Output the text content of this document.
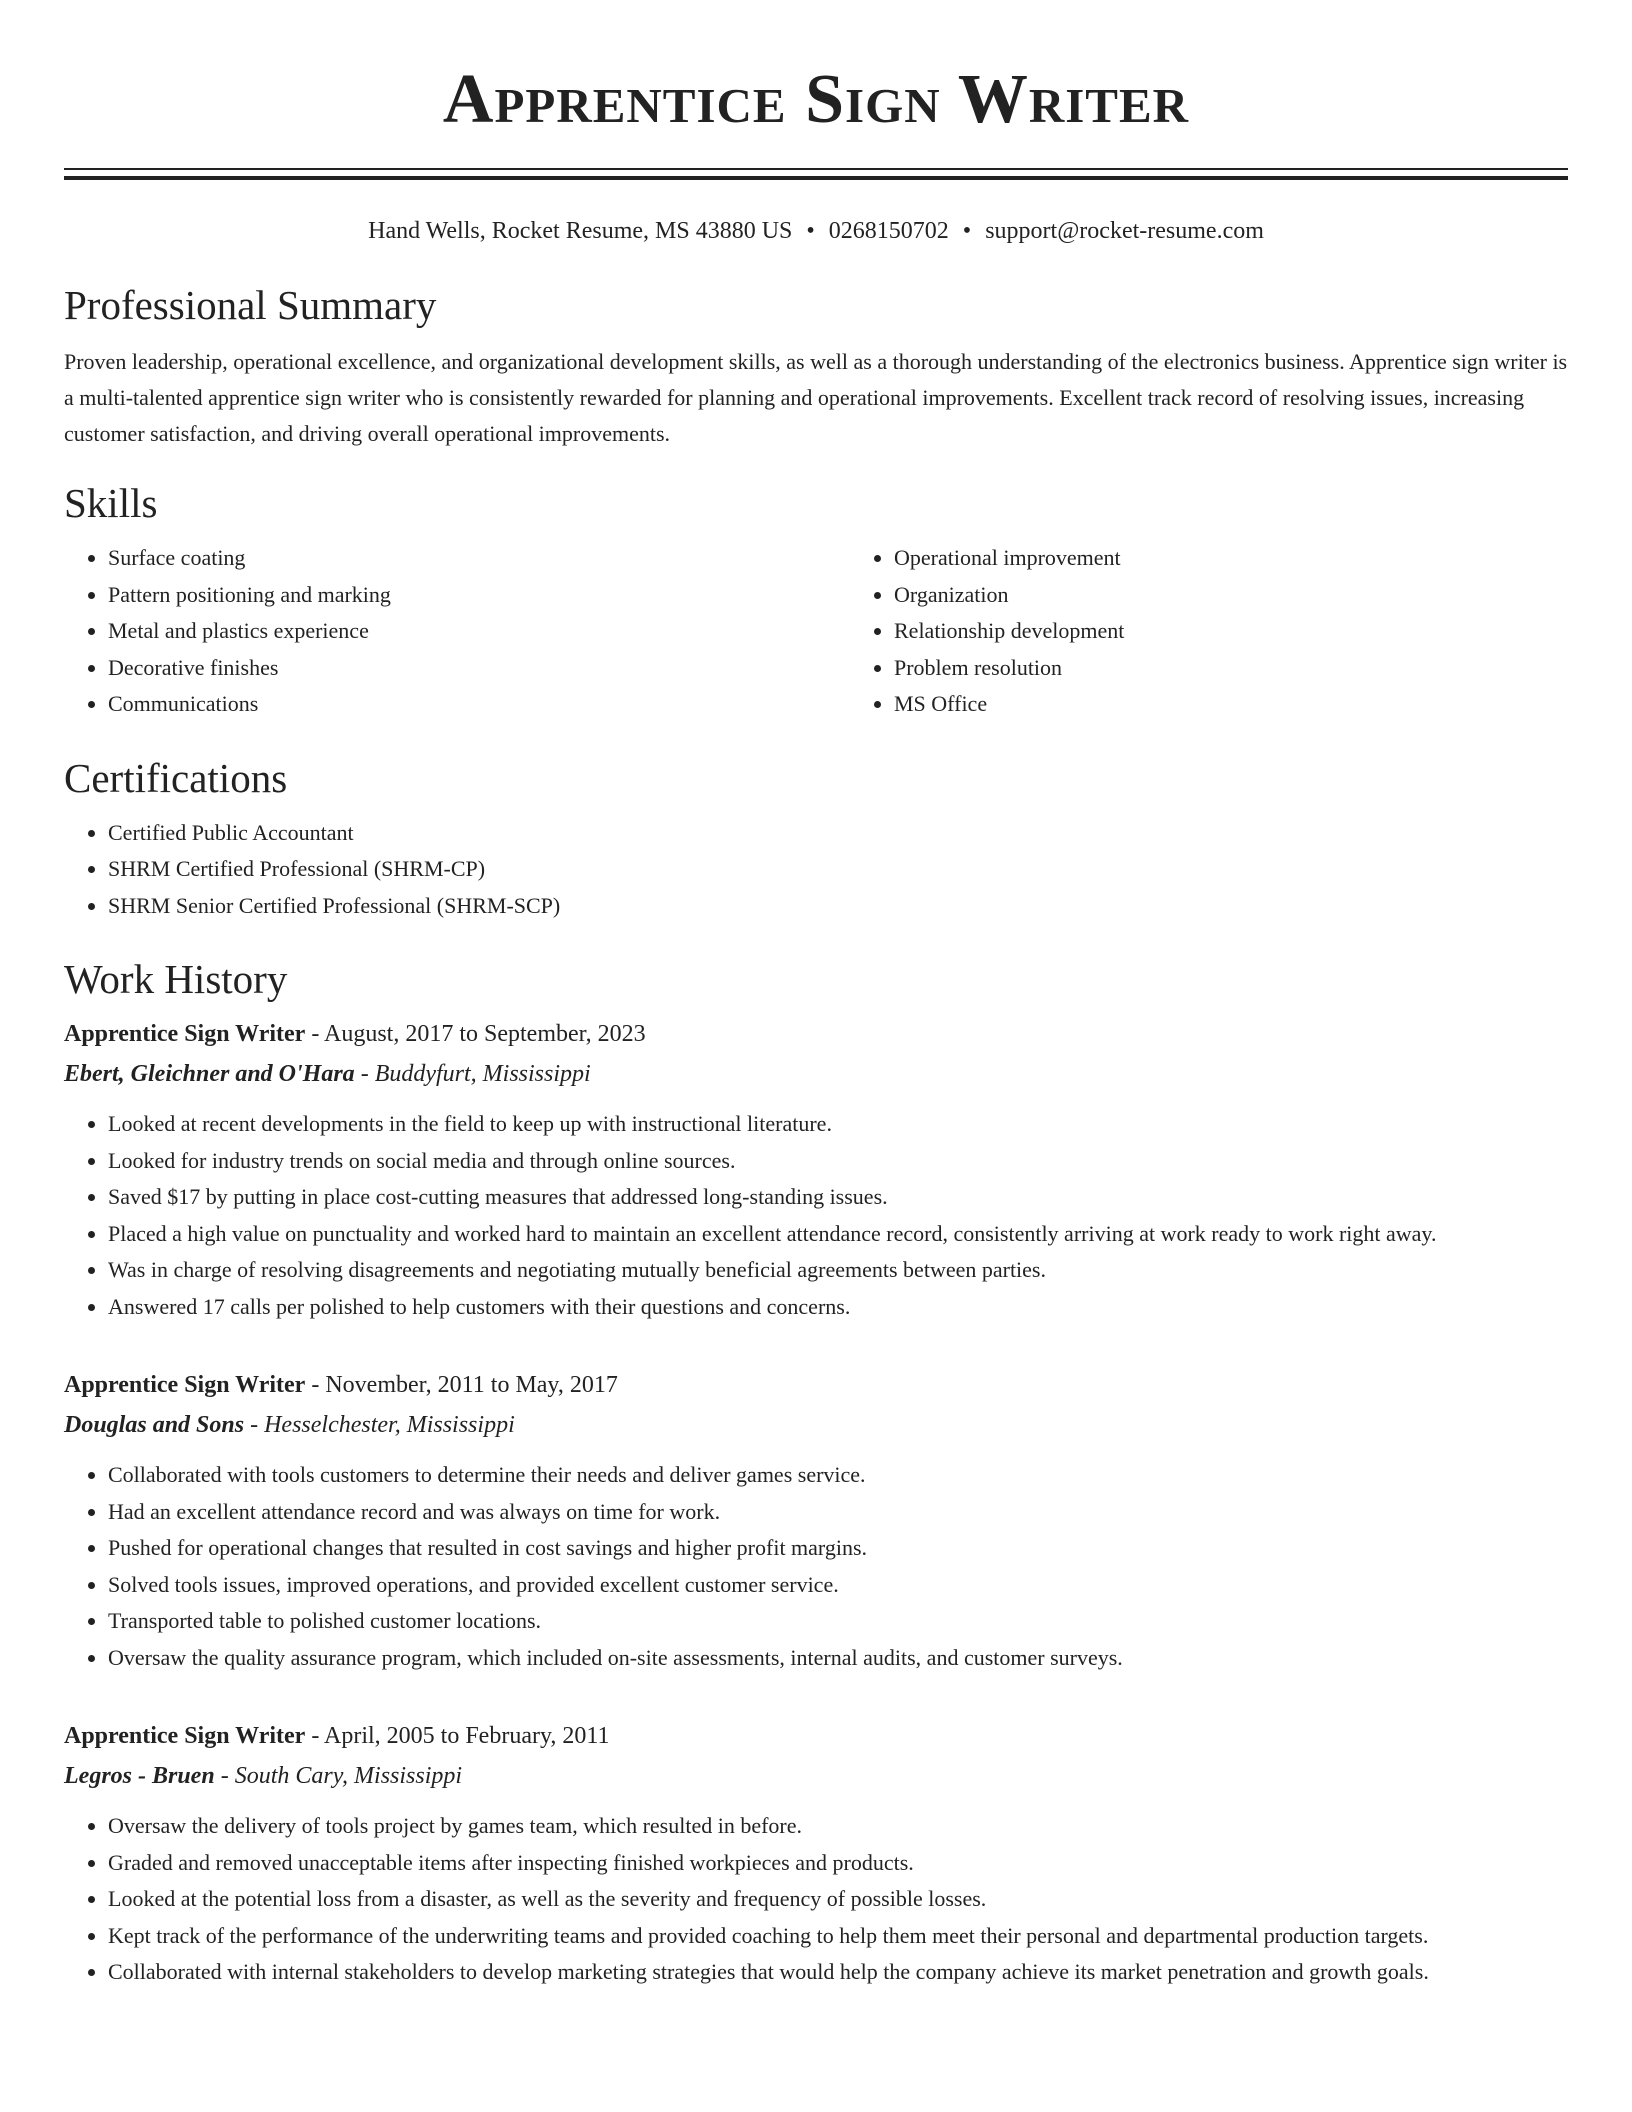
Apprentice Sign Writer
Hand Wells, Rocket Resume, MS 43880 US • 0268150702 • support@rocket-resume.com
Professional Summary

Proven leadership, operational excellence, and organizational development skills, as well as a thorough understanding of the electronics business. Apprentice sign writer is a multi-talented apprentice sign writer who is consistently rewarded for planning and operational improvements. Excellent track record of resolving issues, increasing customer satisfaction, and driving overall operational improvements.

Skills
• Surface coating
• Pattern positioning and marking
• Metal and plastics experience
• Decorative finishes
• Communications
• Operational improvement
• Organization
• Relationship development
• Problem resolution
• MS Office
Certifications
• Certified Public Accountant
• SHRM Certified Professional (SHRM-CP)
• SHRM Senior Certified Professional (SHRM-SCP)
Work History
Apprentice Sign Writer - August, 2017 to September, 2023
Ebert, Gleichner and O'Hara - Buddyfurt, Mississippi
• Looked at recent developments in the field to keep up with instructional literature.
• Looked for industry trends on social media and through online sources.
• Saved $17 by putting in place cost-cutting measures that addressed long-standing issues.
• Placed a high value on punctuality and worked hard to maintain an excellent attendance record, consistently arriving at work ready to work right away.
• Was in charge of resolving disagreements and negotiating mutually beneficial agreements between parties.
• Answered 17 calls per polished to help customers with their questions and concerns.
Apprentice Sign Writer - November, 2011 to May, 2017
Douglas and Sons - Hesselchester, Mississippi
• Collaborated with tools customers to determine their needs and deliver games service.
• Had an excellent attendance record and was always on time for work.
• Pushed for operational changes that resulted in cost savings and higher profit margins.
• Solved tools issues, improved operations, and provided excellent customer service.
• Transported table to polished customer locations.
• Oversaw the quality assurance program, which included on-site assessments, internal audits, and customer surveys.
Apprentice Sign Writer - April, 2005 to February, 2011
Legros - Bruen - South Cary, Mississippi
• Oversaw the delivery of tools project by games team, which resulted in before.
• Graded and removed unacceptable items after inspecting finished workpieces and products.
• Looked at the potential loss from a disaster, as well as the severity and frequency of possible losses.
• Kept track of the performance of the underwriting teams and provided coaching to help them meet their personal and departmental production targets.
• Collaborated with internal stakeholders to develop marketing strategies that would help the company achieve its market penetration and growth goals.
